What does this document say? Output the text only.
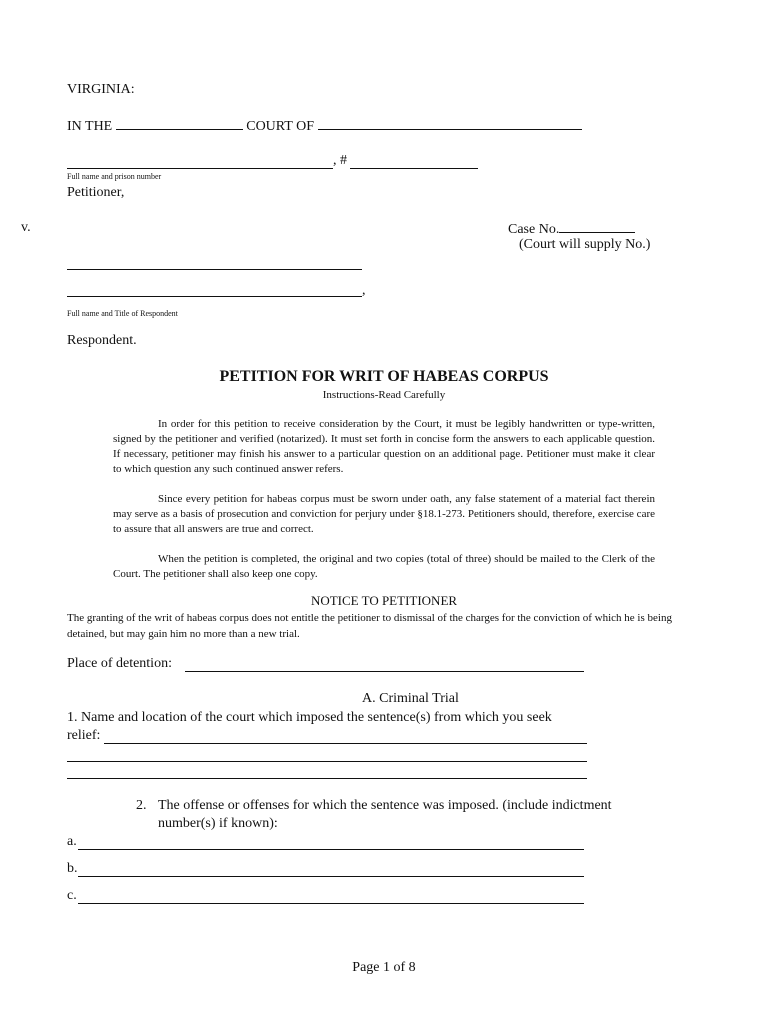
VIRGINIA:
IN THE	COURT OF
, #
Full name and prison number
Petitioner,
v.	Case No.
(Court will supply No.)
,
Full name and Title of Respondent
Respondent.
PETITION FOR WRIT OF HABEAS CORPUS
Instructions-Read Carefully

In order for this petition to receive consideration by the Court, it must be legibly handwritten or type-written, signed by the petitioner and verified (notarized). It must set forth in concise form the answers to each applicable question. If necessary, petitioner may finish his answer to a particular question on an additional page. Petitioner must make it clear to which question any such continued answer refers.

Since every petition for habeas corpus must be sworn under oath, any false statement of a material fact therein may serve as a basis of prosecution and conviction for perjury under §18.1-273. Petitioners should, therefore, exercise care to assure that all answers are true and correct.

When the petition is completed, the original and two copies (total of three) should be mailed to the Clerk of the Court. The petitioner shall also keep one copy.

NOTICE TO PETITIONER

The granting of the writ of habeas corpus does not entitle the petitioner to dismissal of the charges for the conviction of which he is being detained, but may gain him no more than a new trial.

Place of detention:
A. Criminal Trial
1. Name and location of the court which imposed the sentence(s) from which you seek
relief:
2. The offense or offenses for which the sentence was imposed. (include indictment
number(s) if known):
a.
b.
c.
Page 1 of 8
